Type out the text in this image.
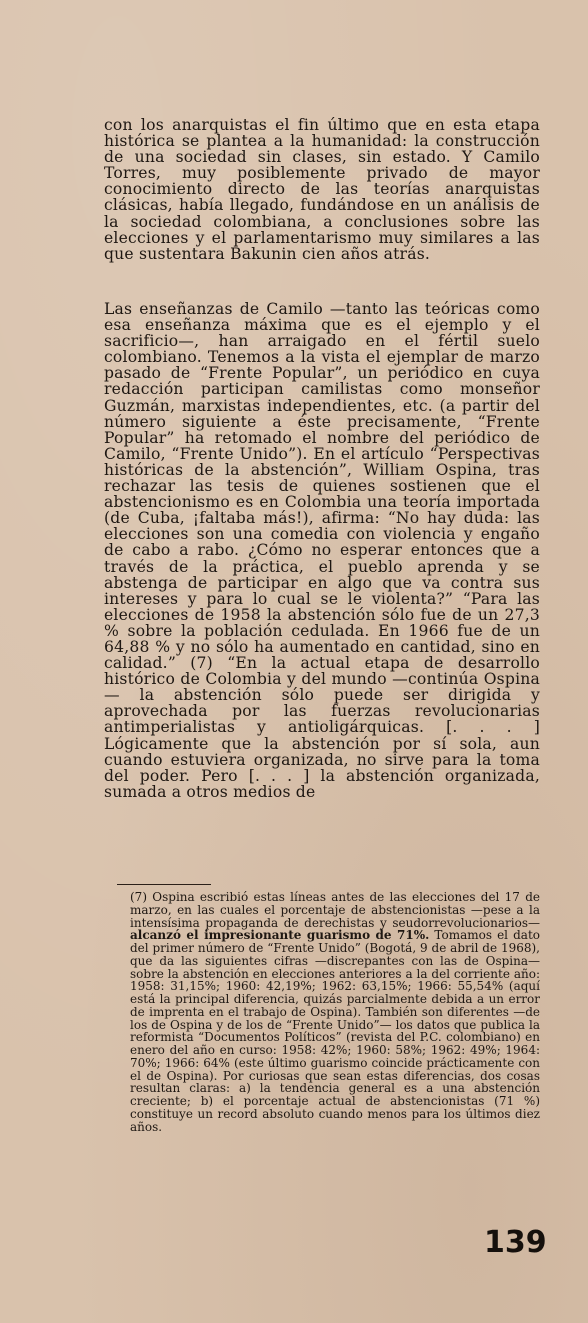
con los anarquistas el fin último que en esta etapa histórica se plantea a la humanidad: la construcción de una sociedad sin clases, sin estado. Y Camilo Torres, muy posiblemente privado de mayor conocimiento directo de las teorías anarquistas clásicas, había llegado, fundándose en un análisis de la sociedad colombiana, a conclusiones sobre las elecciones y el parlamentarismo muy similares a las que sustentara Bakunin cien años atrás.

Las enseñanzas de Camilo —tanto las teóricas como esa enseñanza máxima que es el ejemplo y el sacrificio—, han arraigado en el fértil suelo colombiano. Tenemos a la vista el ejemplar de marzo pasado de “Frente Popular”, un periódico en cuya redacción participan camilistas como monseñor Guzmán, marxistas independientes, etc. (a partir del número siguiente a éste precisamente, “Frente Popular” ha retomado el nombre del periódico de Camilo, “Frente Unido”). En el artículo “Perspectivas históricas de la abstención”, William Ospina, tras rechazar las tesis de quienes sostienen que el abstencionismo es en Colombia una teoría importada (de Cuba, ¡faltaba más!), afirma: “No hay duda: las elecciones son una comedia con violencia y engaño de cabo a rabo. ¿Cómo no esperar entonces que a través de la práctica, el pueblo aprenda y se abstenga de participar en algo que va contra sus intereses y para lo cual se le violenta?” “Para las elecciones de 1958 la abstención sólo fue de un 27,3 % sobre la población cedulada. En 1966 fue de un 64,88 % y no sólo ha aumentado en cantidad, sino en calidad.” (7) “En la actual etapa de desarrollo histórico de Colombia y del mundo —continúa Ospina— la abstención sólo puede ser dirigida y aprovechada por las fuerzas revolucionarias antimperialistas y antioligárquicas. [. . . ] Lógicamente que la abstención por sí sola, aun cuando estuviera organizada, no sirve para la toma del poder. Pero [. . . ] la abstención organizada, sumada a otros medios de

(7) Ospina escribió estas líneas antes de las elecciones del 17 de marzo, en las cuales el porcentaje de abstencionistas —pese a la intensísima propaganda de derechistas y seudorrevolucionarios— alcanzó el impresionante guarismo de 71%. Tomamos el dato del primer número de “Frente Unido” (Bogotá, 9 de abril de 1968), que da las siguientes cifras —discrepantes con las de Ospina— sobre la abstención en elecciones anteriores a la del corriente año: 1958: 31,15%; 1960: 42,19%; 1962: 63,15%; 1966: 55,54% (aquí está la principal diferencia, quizás parcialmente debida a un error de imprenta en el trabajo de Ospina). También son diferentes —de los de Ospina y de los de “Frente Unido”— los datos que publica la reformista “Documentos Políticos” (revista del P.C. colombiano) en enero del año en curso: 1958: 42%; 1960: 58%; 1962: 49%; 1964: 70%; 1966: 64% (este último guarismo coincide prácticamente con el de Ospina). Por curiosas que sean estas diferencias, dos cosas resultan claras: a) la tendencia general es a una abstención creciente; b) el porcentaje actual de abstencionistas (71 %) constituye un record absoluto cuando menos para los últimos diez años.

139
